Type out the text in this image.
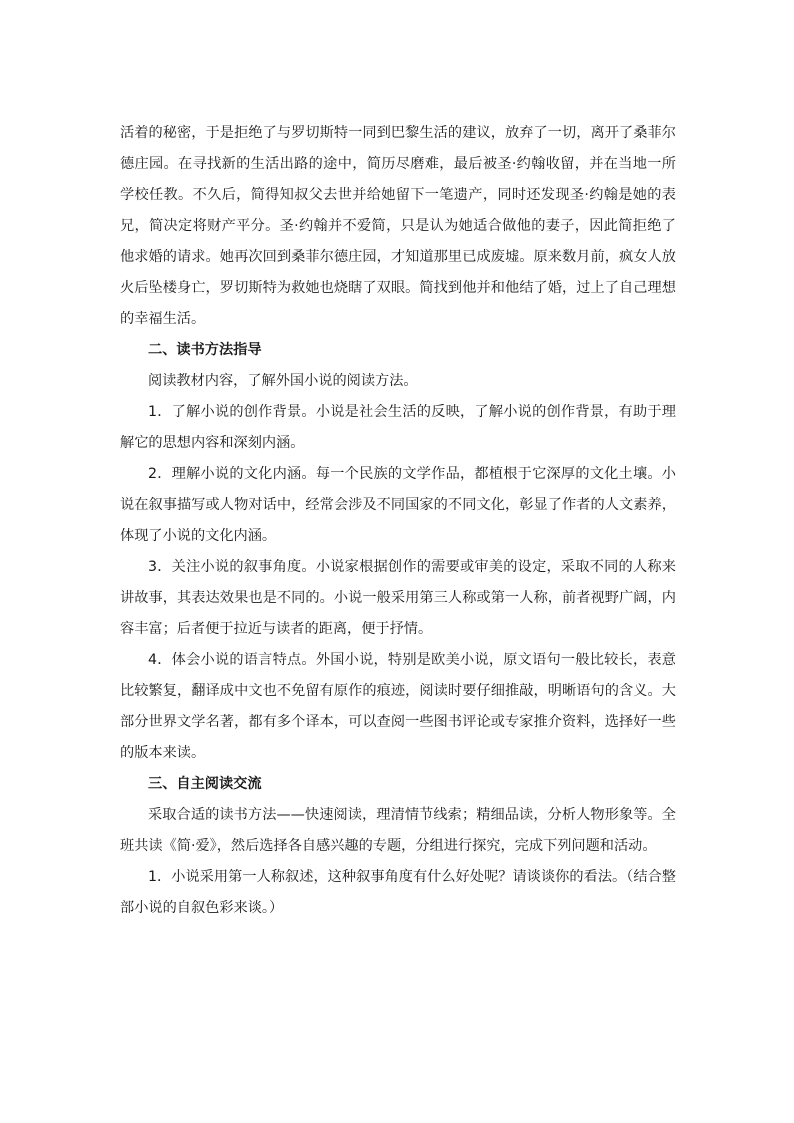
活着的秘密，于是拒绝了与罗切斯特一同到巴黎生活的建议，放弃了一切，离开了桑菲尔德庄园。在寻找新的生活出路的途中，简历尽磨难，最后被圣·约翰收留，并在当地一所学校任教。不久后，简得知叔父去世并给她留下一笔遗产，同时还发现圣·约翰是她的表兄，简决定将财产平分。圣·约翰并不爱简，只是认为她适合做他的妻子，因此简拒绝了他求婚的请求。她再次回到桑菲尔德庄园，才知道那里已成废墟。原来数月前，疯女人放火后坠楼身亡，罗切斯特为救她也烧瞎了双眼。简找到他并和他结了婚，过上了自己理想的幸福生活。

二、读书方法指导

阅读教材内容，了解外国小说的阅读方法。

1．了解小说的创作背景。小说是社会生活的反映，了解小说的创作背景，有助于理解它的思想内容和深刻内涵。

2．理解小说的文化内涵。每一个民族的文学作品，都植根于它深厚的文化土壤。小说在叙事描写或人物对话中，经常会涉及不同国家的不同文化，彰显了作者的人文素养，体现了小说的文化内涵。

3．关注小说的叙事角度。小说家根据创作的需要或审美的设定，采取不同的人称来讲故事，其表达效果也是不同的。小说一般采用第三人称或第一人称，前者视野广阔，内容丰富；后者便于拉近与读者的距离，便于抒情。

4．体会小说的语言特点。外国小说，特别是欧美小说，原文语句一般比较长，表意比较繁复，翻译成中文也不免留有原作的痕迹，阅读时要仔细推敲，明晰语句的含义。大部分世界文学名著，都有多个译本，可以查阅一些图书评论或专家推介资料，选择好一些的版本来读。

三、自主阅读交流

采取合适的读书方法——快速阅读，理清情节线索；精细品读，分析人物形象等。全班共读《简·爱》，然后选择各自感兴趣的专题，分组进行探究，完成下列问题和活动。

1．小说采用第一人称叙述，这种叙事角度有什么好处呢？请谈谈你的看法。（结合整部小说的自叙色彩来谈。）
